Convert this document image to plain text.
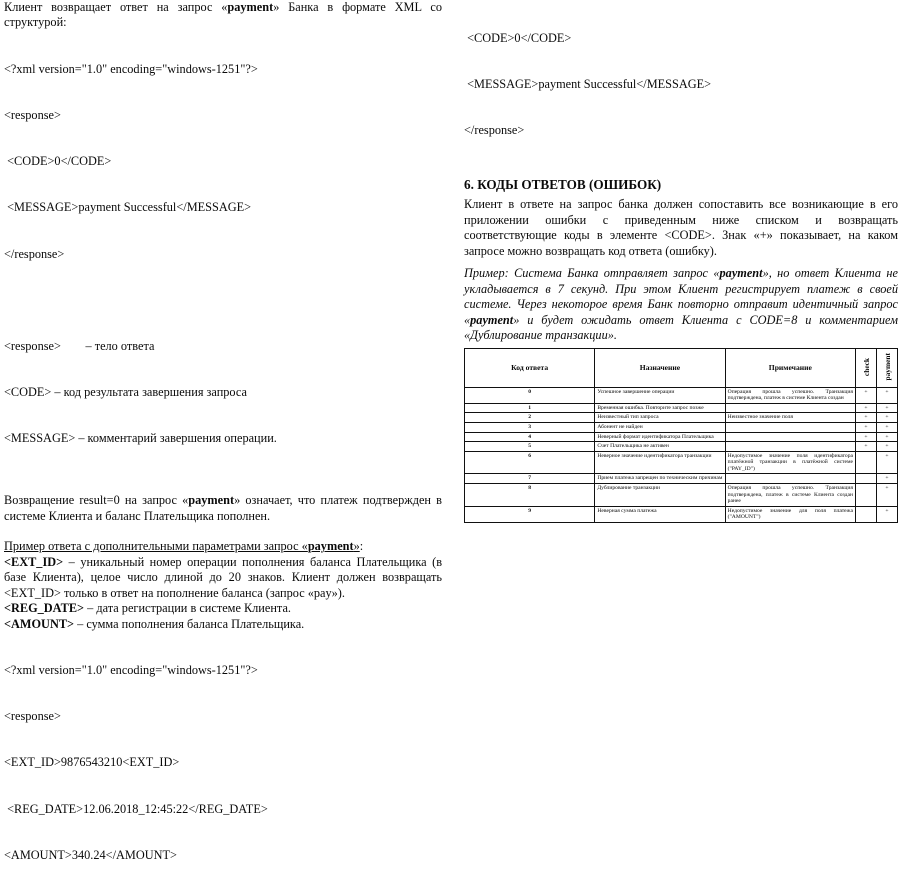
Клиент возвращает ответ на запрос «payment» Банка в формате XML со структурой:

<?xml version="1.0" encoding="windows-1251"?>

<response>

<CODE>0</CODE>

<MESSAGE>payment Successful</MESSAGE>

</response>

<response>        – тело ответа

<CODE> – код результата завершения запроса

<MESSAGE> – комментарий завершения операции.

Возвращение result=0 на запрос «payment» означает, что платеж подтвержден в системе Клиента и баланс Плательщика пополнен.

Пример ответа с дополнительными параметрами запрос «payment»:

<EXT_ID> – уникальный номер операции пополнения баланса Плательщика (в базе Клиента), целое число длиной до 20 знаков. Клиент должен возвращать <EXT_ID> только в ответ на пополнение баланса (запрос «pay»).

<REG_DATE> – дата регистрации в системе Клиента.

<AMOUNT> – сумма пополнения баланса Плательщика.

<?xml version="1.0" encoding="windows-1251"?>

<response>

<EXT_ID>9876543210<EXT_ID>

<REG_DATE>12.06.2018_12:45:22</REG_DATE>

<AMOUNT>340.24</AMOUNT>

<CODE>0</CODE>

<MESSAGE>payment Successful</MESSAGE>

</response>

6. КОДЫ ОТВЕТОВ (ОШИБОК)

Клиент в ответе на запрос банка должен сопоставить все возникающие в его приложении ошибки с приведенным ниже списком и возвращать соответствующие коды в элементе <CODE>. Знак «+» показывает, на каком запросе можно возвращать код ответа (ошибку).

Пример: Система Банка отправляет запрос «payment», но ответ Клиента не укладывается в 7 секунд. При этом Клиент регистрирует платеж в своей системе. Через некоторое время Банк повторно отправит идентичный запрос «payment» и будет ожидать ответ Клиента с CODE=8 и комментарием «Дублирование транзакции».

Код ответа	Назначение	Примечание	check	payment
0	Успешное завершение операции	Операция прошла успешно. Транзакция подтверждена, платеж в системе Клиента создан	+	+
1	Временная ошибка. Повторите запрос позже		+	+
2	Неизвестный тип запроса	Неизвестное значение поля	+	+
3	Абонент не найден		+	+
4	Неверный формат идентификатора Плательщика		+	+
5	Счет Плательщика не активен		+	+
6	Неверное значение идентификатора транзакции	Недопустимое значение поля идентификатора платёжной транзакции в платёжной системе ("PAY_ID")		+
7	Прием платежа запрещен по техническим причинам			+
8	Дублирование транзакции	Операция прошла успешно. Транзакция подтверждена, платеж в системе Клиента создан ранее		+
9	Неверная сумма платежа	Недопустимое значение для поля платежа ("AMOUNT")		+
